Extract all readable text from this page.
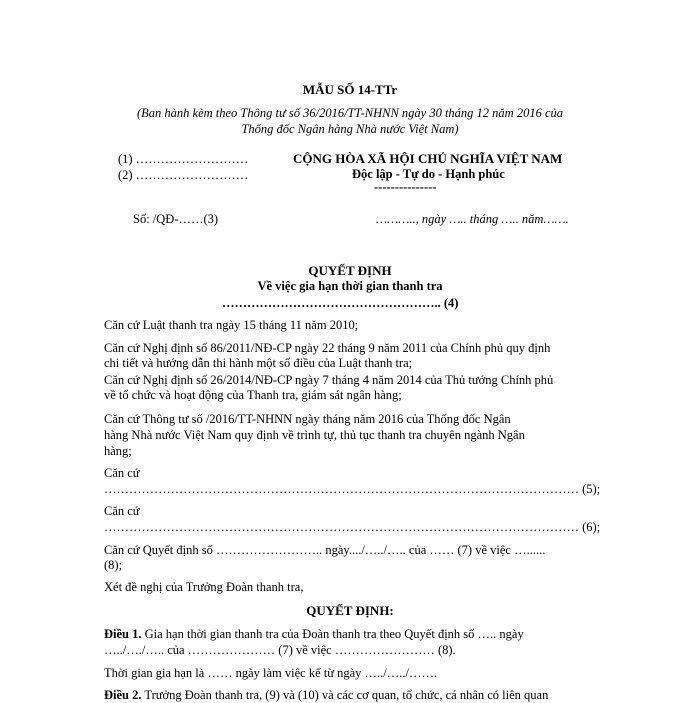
MẪU SỐ 14-TTr
(Ban hành kèm theo Thông tư số 36/2016/TT-NHNN ngày 30 tháng 12 năm 2016 của
Thống đốc Ngân hàng Nhà nước Việt Nam)
(1) ………………………
(2) ………………………
CỘNG HÒA XÃ HỘI CHỦ NGHĨA VIỆT NAM
Độc lập - Tự do - Hạnh phúc
---------------
Số: /QĐ-……(3)	……….., ngày ….. tháng ….. năm…….
QUYẾT ĐỊNH
Về việc gia hạn thời gian thanh tra
…………………………………………….. (4)
Căn cứ Luật thanh tra ngày 15 tháng 11 năm 2010;
Căn cứ Nghị định số 86/2011/NĐ-CP ngày 22 tháng 9 năm 2011 của Chính phủ quy định
chi tiết và hướng dẫn thi hành một số điều của Luật thanh tra;
Căn cứ Nghị định số 26/2014/NĐ-CP ngày 7 tháng 4 năm 2014 của Thủ tướng Chính phủ
về tổ chức và hoạt động của Thanh tra, giám sát ngân hàng;
Căn cứ Thông tư số /2016/TT-NHNN ngày tháng năm 2016 của Thống đốc Ngân
hàng Nhà nước Việt Nam quy định về trình tự, thủ tục thanh tra chuyên ngành Ngân
hàng;
Căn cứ
…………………………………………………………………………………………………… (5);
Căn cứ
…………………………………………………………………………………………………… (6);
Căn cứ Quyết định số …………………….. ngày..../…../….. của …… (7) về việc …......
(8);
Xét đề nghị của Trưởng Đoàn thanh tra,
QUYẾT ĐỊNH:
Điều 1. Gia hạn thời gian thanh tra của Đoàn thanh tra theo Quyết định số ….. ngày
…../…./….. của ………………… (7) về việc …………………… (8).
Thời gian gia hạn là …… ngày làm việc kể từ ngày …../…../…….
Điều 2. Trưởng Đoàn thanh tra, (9) và (10) và các cơ quan, tổ chức, cá nhân có liên quan
